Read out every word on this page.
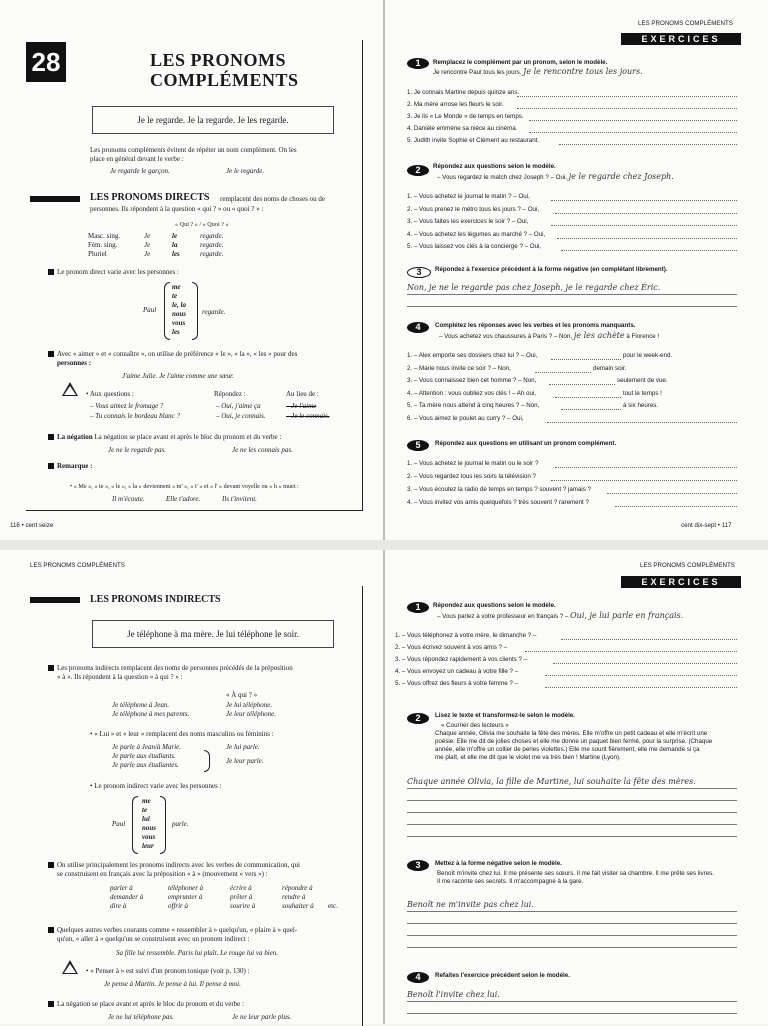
28	LES PRONOMS
COMPLÉMENTS
Je le regarde. Je la regarde. Je les regarde.
Les pronoms compléments évitent de répéter un nom complément. On les
place en général devant le verbe :
Je regarde le garçon.	Je le regarde.
LES PRONOMS DIRECTS remplacent des noms de choses ou de
personnes. Ils répondent à la question « qui ? » ou « quoi ? » :
« Qui ? » / « Quoi ? »
Masc. sing.	Je	le	regarde.
Fém. sing.	Je	la	regarde.
Pluriel	Je	les	regarde.
Le pronom direct varie avec les personnes :
Paul
me
te
le, la
nous
vous
les
regarde.
Avec « aimer » et « connaître », on utilise de préférence « le », « la », « les » pour des
personnes :
J'aime Julie. Je l'aime comme une sœur.
• Aux questions :	Répondez :	Au lieu de :
– Vous aimez le fromage ?	– Oui, j'aime ça	– Je l'aime
– Tu connais le bordeau blanc ?	– Oui, je connais.	– Je le connais.
La négation La négation se place avant et après le bloc du pronom et du verbe :
Je ne le regarde pas.	Je ne les connais pas.
Remarque :
• « Me », « te », « le », « la » deviennent « m' », « t' » et « l' » devant voyelle ou « h » muet :
Il m'écoute.	Elle t'adore.	Ils t'invitent.
116 • cent seize
LES PRONOMS COMPLÉMENTS
EXERCICES
1	Remplacez le complément par un pronom, selon le modèle.
Je rencontre Paul tous les jours. Je le rencontre tous les jours.
1. Je connais Martine depuis quinze ans.
2. Ma mère arrose les fleurs le soir.
3. Je lis « Le Monde » de temps en temps.
4. Danièle emmène sa nièce au cinéma.
5. Judith invite Sophie et Clément au restaurant.
2	Répondez aux questions selon le modèle.
– Vous regardez le match chez Joseph ? – Oui, je le regarde chez Joseph.
1. – Vous achetez le journal le matin ? – Oui,
2. – Vous prenez le métro tous les jours ? – Oui,
3. – Vous faites les exercices le soir ? – Oui,
4. – Vous achetez les légumes au marché ? – Oui,
5. – Vous laissez vos clés à la concierge ? – Oui,
3	Répondez à l'exercice précédent à la forme négative (en complétant librement).
Non, je ne le regarde pas chez Joseph, je le regarde chez Éric.
4	Complétez les réponses avec les verbes et les pronoms manquants.
– Vous achetez vos chaussures à Paris ? – Non, je les achète à Florence !
1. – Alex emporte ses dossiers chez lui ? – Oui,	pour le week-end.
2. – Marie nous invite ce soir ? – Non,	demain soir.
3. – Vous connaissez bien cet homme ? – Non,	seulement de vue.
4. – Attention : vous oubliez vos clés ! – Ah oui,	tout le temps !
5. – Ta mère nous attend à cinq heures ? – Non,	à six heures.
6. – Vous aimez le poulet au curry ? – Oui,
5	Répondez aux questions en utilisant un pronom complément.
1. – Vous achetez le journal le matin ou le soir ?
2. – Vous regardez tous les soirs la télévision ?
3. – Vous écoutez la radio de temps en temps ? souvent ? jamais ?
4. – Vous invitez vos amis quelquefois ? très souvent ? rarement ?
cent dix-sept • 117
LES PRONOMS COMPLÉMENTS
LES PRONOMS INDIRECTS
Je téléphone à ma mère. Je lui téléphone le soir.
Les pronoms indirects remplacent des noms de personnes précédés de la préposition
« à ». Ils répondent à la question « à qui ? » :
« À qui ? »
Je téléphone à Jean.	Je lui téléphone.
Je téléphone à mes parents.	Je leur téléphone.
• « Lui » et « leur » remplacent des noms masculins ou féminins :
Je parle à Jean/à Marie.
Je parle aux étudiants.
Je parle aux étudiantes.
Je lui parle.
Je leur parle.
• Le pronom indirect varie avec les personnes :
Paul
me
te
lui
nous
vous
leur
parle.
On utilise principalement les pronoms indirects avec les verbes de communication, qui
se construisent en français avec la préposition « à » (mouvement « vers ») :
parler à	téléphoner à	écrire à	répondre à
demander à	emprunter à	prêter à	rendre à
dire à	offrir à	sourire à	souhaiter à etc.
Quelques autres verbes courants comme « ressembler à » quelqu'un, « plaire à » quel-
qu'un, « aller à » quelqu'un se construisent avec un pronom indirect :
Sa fille lui ressemble. Paris lui plaît. Le rouge lui va bien.
• « Penser à » est suivi d'un pronom tonique (voir p. 130) :
Je pense à Martin. Je pense à lui. Il pense à moi.
La négation se place avant et après le bloc du pronom et du verbe :
Je ne lui téléphone pas.	Je ne leur parle plus.
LES PRONOMS COMPLÉMENTS
EXERCICES
1	Répondez aux questions selon le modèle.
– Vous parlez à votre professeur en français ? – Oui, je lui parle en français.
1. – Vous téléphonez à votre mère, le dimanche ? –
2. – Vous écrivez souvent à vos amis ? –
3. – Vous répondez rapidement à vos clients ? –
4. – Vous envoyez un cadeau à votre fille ? –
5. – Vous offrez des fleurs à votre femme ? –
2	Lisez le texte et transformez-le selon le modèle.
« Courrier des lecteurs »
Chaque année, Olivia me souhaite la fête des mères. Elle m'offre un petit cadeau et elle m'écrit une
poésie. Elle me dit de jolies choses et elle me donne un paquet bien fermé, pour la surprise. (Chaque
année, elle m'offre un collier de perles violettes.) Elle me sourit fièrement, elle me demande si ça
me plaît, et elle me dit que le violet me va très bien ! Martine (Lyon).
Chaque année Olivia, la fille de Martine, lui souhaite la fête des mères.
3	Mettez à la forme négative selon le modèle.
Benoît m'invite chez lui. Il me présente ses sœurs. Il me fait visiter sa chambre. Il me prête ses livres.
Il me raconte ses secrets. Il m'accompagne à la gare.
Benoît ne m'invite pas chez lui.
4	Refaites l'exercice précédent selon le modèle.
Benoît l'invite chez lui.
